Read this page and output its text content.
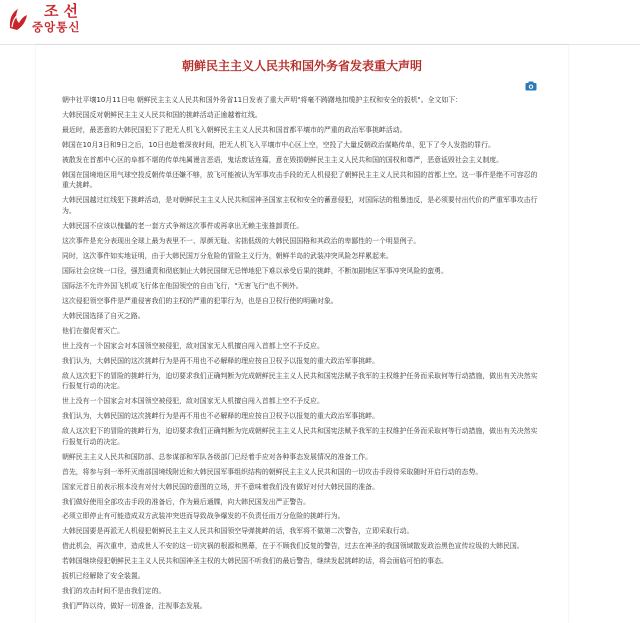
조선
중앙통신
朝鲜民主主义人民共和国外务省发表重大声明
朝中社平壤10月11日电 朝鲜民主主义人民共和国外务省11日发表了重大声明"将毫不踌躇地扣缆护主权和安全的扳机"。全文如下：
大韩民国反对朝鲜民主主义人民共和国的挑衅活动正逾越着红线。
最近时，最恶意的大韩民国犯下了把无人机飞入朝鲜民主主义人民共和国首都平壤市的严重的政治军事挑衅活动。
韩国在10月3日和9日之后，10日也趁着深夜时间，把无人机飞入平壤市中心区上空，空投了大量反朝政治谋略传单，犯下了令人发指的罪行。
被散发在首都中心区的阜都不堪的传单纯属谩言恶语，鬼话废话连篇，意在毁损朝鲜民主主义人民共和国的国权和尊严，恶意诋毁社会主义制度。
韩国在国境地区用气球空投反朝传单还嫌不够，放飞可能被认为军事攻击手段的无人机侵犯了朝鲜民主主义人民共和国的首都上空。这一事件是绝不可容忍的重大挑衅。
大韩民国越过红线犯下挑衅活动，是对朝鲜民主主义人民共和国神圣国家主权和安全的蓄意侵犯，对国际法的粗暴违反，是必须要付出代价的严重军事攻击行为。
大韩民国不应该以傀儡的老一套方式争辩这次事件或再拿出无赖主张推卸责任。
这次事件是充分表现出全球上最为表里不一、厚颜无耻、劣拙低级的大韩民国国格和其政治的卑鄙性的一个明显例子。
同时，这次事件如实地证明，由于大韩民国万分危险的冒险主义行为，朝鲜半岛的武装冲突风险怎样累起来。
国际社会应统一口径，强烈谴责和彻底制止大韩民国肆无忌惮地犯下难以承受后果的挑衅，不断加剧地区军事冲突风险的蛮勇。
国际法不允许外国飞机或飞行体在他国领空的自由飞行，"无害飞行"也不例外。
这次侵犯领空事件是严重侵害我们的主权的严重的犯罪行为，也是自卫权行使的明确对象。
大韩民国选择了自灭之路。
他们在催促着灭亡。
世上没有一个国家会对本国领空被侵犯，敌对国家无人机擅自闯入首都上空不予反应。
我们认为，大韩民国的这次挑衅行为是再不用也不必解释的理应按自卫权予以报复的重大政治军事挑衅。
敌人这次犯下的冒险的挑衅行为，迫切要求我们正确判断为完成朝鲜民主主义人民共和国宪法赋予我军的主权维护任务而采取何等行动措施，做出有关决然实行报复行动的决定。
世上没有一个国家会对本国领空被侵犯，敌对国家无人机擅自闯入首都上空不予反应。
我们认为，大韩民国的这次挑衅行为是再不用也不必解释的理应按自卫权予以报复的重大政治军事挑衅。
敌人这次犯下的冒险的挑衅行为，迫切要求我们正确判断为完成朝鲜民主主义人民共和国宪法赋予我军的主权维护任务而采取何等行动措施，做出有关决然实行报复行动的决定。
朝鲜民主主义人民共和国防部、总参谋部和军队各级部门已经着手应对各种事态发展情况的准备工作。
首先，将参与到一举歼灭南部国境线附近和大韩民国军事组织结构的朝鲜民主主义人民共和国的一切攻击手段待采取随时开启行动的态势。
国家元首日前表示根本没有对付大韩民国的意图的立场，并不意味着我们没有做好对付大韩民国的准备。
我们做好使用全部攻击手段的准备后，作为最后通牒，向大韩民国发出严正警告。
必须立即停止有可能造成双方武装冲突进而导致战争爆发的不负责任而万分危险的挑衅行为。
大韩民国要是再派无人机侵犯朝鲜民主主义人民共和国领空导弹挑衅的话，我军将不做第二次警告，立即采取行动。
借此机会，再次重申，造成世人不安的这一切灾祸的根源和黑幕，在于不顾我们反复的警告，过去在神圣的我国领域散发政治黑色宣传垃圾的大韩民国。
若韩国继续侵犯朝鲜民主主义人民共和国神圣主权的大韩民国不听我们的最后警告，继续发起挑衅的话，将会面临可怕的事态。
扳机已经解除了安全装置。
我们的攻击时间不是由我们定的。
我们严阵以待，做好一切准备，注视事态发展。
